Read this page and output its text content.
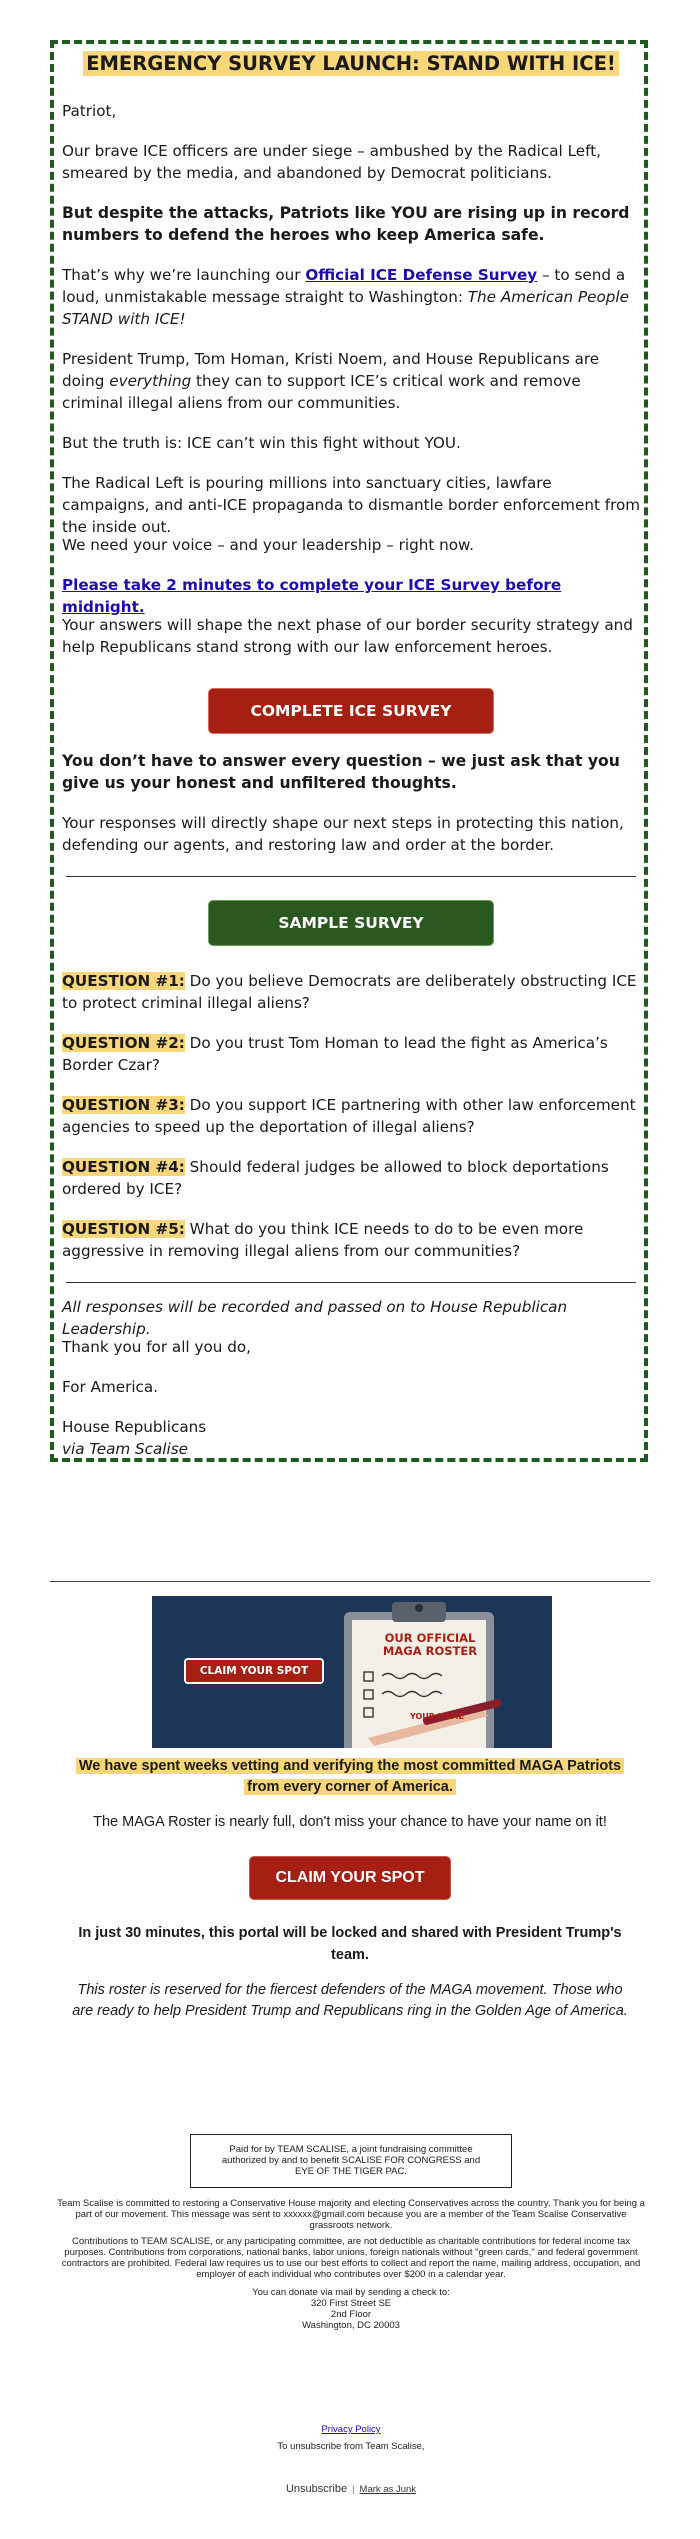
EMERGENCY SURVEY LAUNCH: STAND WITH ICE!
Patriot,
Our brave ICE officers are under siege – ambushed by the Radical Left, smeared by the media, and abandoned by Democrat politicians.
But despite the attacks, Patriots like YOU are rising up in record numbers to defend the heroes who keep America safe.
That’s why we’re launching our Official ICE Defense Survey – to send a loud, unmistakable message straight to Washington: The American People STAND with ICE!
President Trump, Tom Homan, Kristi Noem, and House Republicans are doing everything they can to support ICE’s critical work and remove criminal illegal aliens from our communities.
But the truth is: ICE can’t win this fight without YOU.
The Radical Left is pouring millions into sanctuary cities, lawfare campaigns, and anti-ICE propaganda to dismantle border enforcement from the inside out.
We need your voice – and your leadership – right now.
Please take 2 minutes to complete your ICE Survey before midnight.
Your answers will shape the next phase of our border security strategy and help Republicans stand strong with our law enforcement heroes.
COMPLETE ICE SURVEY
You don’t have to answer every question – we just ask that you give us your honest and unfiltered thoughts.
Your responses will directly shape our next steps in protecting this nation, defending our agents, and restoring law and order at the border.
SAMPLE SURVEY
QUESTION #1: Do you believe Democrats are deliberately obstructing ICE to protect criminal illegal aliens?
QUESTION #2: Do you trust Tom Homan to lead the fight as America’s Border Czar?
QUESTION #3: Do you support ICE partnering with other law enforcement agencies to speed up the deportation of illegal aliens?
QUESTION #4: Should federal judges be allowed to block deportations ordered by ICE?
QUESTION #5: What do you think ICE needs to do to be even more aggressive in removing illegal aliens from our communities?
All responses will be recorded and passed on to House Republican Leadership.
Thank you for all you do,
For America.
House Republicans
via Team Scalise
OUR OFFICIAL
MAGA ROSTER
YOUR NAME
CLAIM YOUR SPOT
We have spent weeks vetting and verifying the most committed MAGA Patriots
from every corner of America.
The MAGA Roster is nearly full, don't miss your chance to have your name on it!
CLAIM YOUR SPOT
In just 30 minutes, this portal will be locked and shared with President Trump's
team.
This roster is reserved for the fiercest defenders of the MAGA movement. Those who are ready to help President Trump and Republicans ring in the Golden Age of America.
Paid for by TEAM SCALISE, a joint fundraising committee authorized by and to benefit SCALISE FOR CONGRESS and EYE OF THE TIGER PAC.
Team Scalise is committed to restoring a Conservative House majority and electing Conservatives across the country. Thank you for being a part of our movement. This message was sent to xxxxxx@gmail.com because you are a member of the Team Scalise Conservative grassroots network.
Contributions to TEAM SCALISE, or any participating committee, are not deductible as charitable contributions for federal income tax purposes. Contributions from corporations, national banks, labor unions, foreign nationals without "green cards," and federal government contractors are prohibited. Federal law requires us to use our best efforts to collect and report the name, mailing address, occupation, and employer of each individual who contributes over $200 in a calendar year.
You can donate via mail by sending a check to:
320 First Street SE
2nd Floor
Washington, DC 20003
Privacy Policy
To unsubscribe from Team Scalise,
Unsubscribe | Mark as Junk
